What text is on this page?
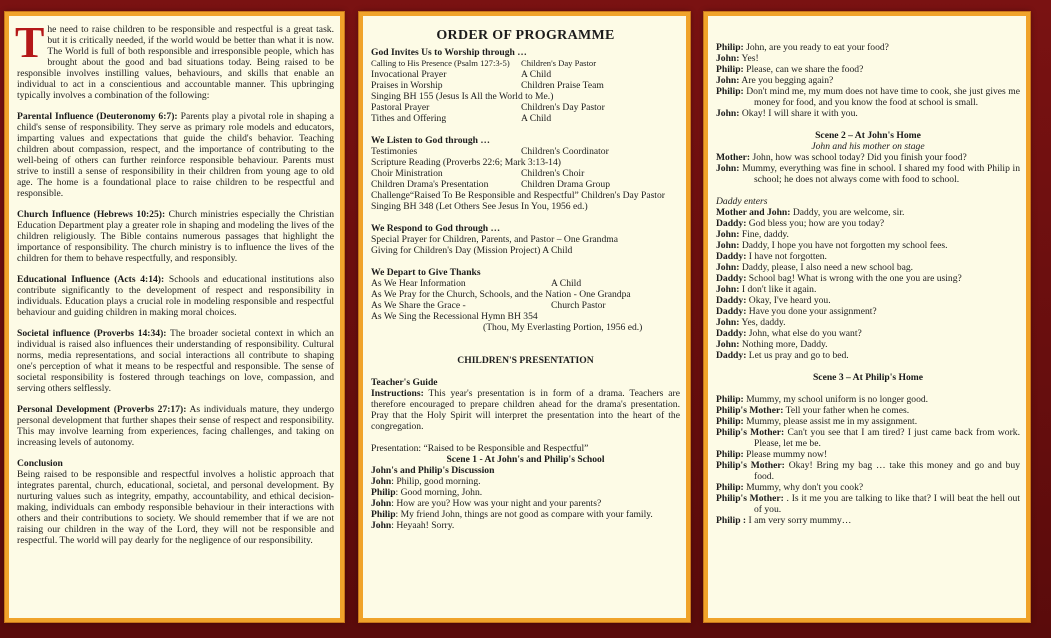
The need to raise children to be responsible and respectful is a great task. but it is critically needed, if the world would be better than what it is now. The World is full of both responsible and irresponsible people, which has brought about the good and bad situations today. Being raised to be responsible involves instilling values, behaviours, and skills that enable an individual to act in a conscientious and accountable manner. This upbringing typically involves a combination of the following:

Parental Influence (Deuteronomy 6:7): Parents play a pivotal role in shaping a child's sense of responsibility. They serve as primary role models and educators, imparting values and expectations that guide the child's behavior. Teaching children about compassion, respect, and the importance of contributing to the well-being of others can further reinforce responsible behaviour. Parents must strive to instill a sense of responsibility in their children from young age to old age. The home is a foundational place to raise children to be respectful and responsible.

Church Influence (Hebrews 10:25): Church ministries especially the Christian Education Department play a greater role in shaping and modeling the lives of the children religiously. The Bible contains numerous passages that highlight the importance of responsibility. The church ministry is to influence the lives of the children for them to behave respectfully, and responsibly.

Educational Influence (Acts 4:14): Schools and educational institutions also contribute significantly to the development of respect and responsibility in individuals. Education plays a crucial role in modeling responsible and respectful behaviour and guiding children in making moral choices.

Societal influence (Proverbs 14:34): The broader societal context in which an individual is raised also influences their understanding of responsibility. Cultural norms, media representations, and social interactions all contribute to shaping one's perception of what it means to be respectful and responsible. The sense of societal responsibility is fostered through teachings on love, compassion, and serving others selflessly.

Personal Development (Proverbs 27:17): As individuals mature, they undergo personal development that further shapes their sense of respect and responsibility. This may involve learning from experiences, facing challenges, and taking on increasing levels of autonomy.

Conclusion

Being raised to be responsible and respectful involves a holistic approach that integrates parental, church, educational, societal, and personal development. By nurturing values such as integrity, empathy, accountability, and ethical decision-making, individuals can embody responsible behaviour in their interactions with others and their contributions to society. We should remember that if we are not raising our children in the way of the Lord, they will not be responsible and respectful. The world will pay dearly for the negligence of our responsibility.

ORDER OF PROGRAMME

God Invites Us to Worship through …

Calling to His Presence (Psalm 127:3-5)	Children's Day Pastor
Invocational Prayer	A Child
Praises in Worship	Children Praise Team
Singing BH 155 (Jesus Is All the World to Me.)
Pastoral Prayer	Children's Day Pastor
Tithes and Offering	A Child

We Listen to God through …

Testimonies	Children's Coordinator
Scripture Reading (Proverbs 22:6; Mark 3:13-14)
Choir Ministration	Children's Choir
Children Drama's Presentation	Children Drama Group

Challenge“Raised To Be Responsible and Respectful” Children's Day Pastor

Singing BH 348 (Let Others See Jesus In You, 1956 ed.)

We Respond to God through …

Special Prayer for Children, Parents, and Pastor – One Grandma

Giving for Children's Day (Mission Project) A Child

We Depart to Give Thanks

As We Hear Information	A Child
As We Pray for the Church, Schools, and the Nation - One Grandpa
As We Share the Grace -	Church Pastor
As We Sing the Recessional Hymn BH 354

(Thou, My Everlasting Portion, 1956 ed.)

CHILDREN'S PRESENTATION

Teacher's Guide

Instructions: This year's presentation is in form of a drama. Teachers are therefore encouraged to prepare children ahead for the drama's presentation. Pray that the Holy Spirit will interpret the presentation into the heart of the congregation.

Presentation: “Raised to be Responsible and Respectful”

Scene 1 - At John's and Philip's School

John's and Philip's Discussion

John: Philip, good morning.

Philip: Good morning, John.

John: How are you? How was your night and your parents?

Philip: My friend John, things are not good as compare with your family.

John: Heyaah! Sorry.

Philip: John, are you ready to eat your food?

John: Yes!

Philip: Please, can we share the food?

John: Are you begging again?

Philip: Don't mind me, my mum does not have time to cook, she just gives me money for food, and you know the food at school is small.

John: Okay! I will share it with you.

Scene 2 – At John's Home

John and his mother on stage

Mother: John, how was school today? Did you finish your food?

John: Mummy, everything was fine in school. I shared my food with Philip in school; he does not always come with food to school.

Daddy enters

Mother and John: Daddy, you are welcome, sir.

Daddy: God bless you; how are you today?

John: Fine, daddy.

John: Daddy, I hope you have not forgotten my school fees.

Daddy: I have not forgotten.

John: Daddy, please, I also need a new school bag.

Daddy: School bag! What is wrong with the one you are using?

John: I don't like it again.

Daddy: Okay, I've heard you.

Daddy: Have you done your assignment?

John: Yes, daddy.

Daddy: John, what else do you want?

John: Nothing more, Daddy.

Daddy: Let us pray and go to bed.

Scene 3 – At Philip's Home

Philip: Mummy, my school uniform is no longer good.

Philip's Mother: Tell your father when he comes.

Philip: Mummy, please assist me in my assignment.

Philip's Mother: Can't you see that I am tired? I just came back from work. Please, let me be.

Philip: Please mummy now!

Philip's Mother: Okay! Bring my bag … take this money and go and buy food.

Philip: Mummy, why don't you cook?

Philip's Mother: . Is it me you are talking to like that? I will beat the hell out of you.

Philip : I am very sorry mummy…
